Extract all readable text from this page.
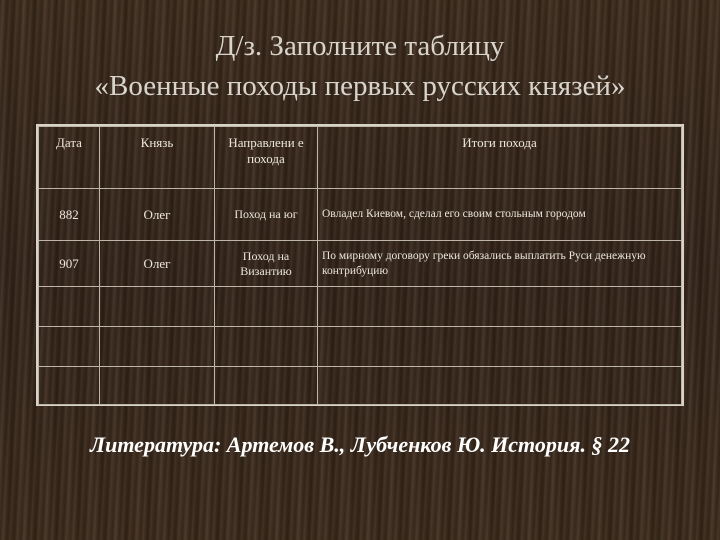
Д/з. Заполните таблицу
«Военные походы первых русских князей»
Дата	Князь	Направлени е похода	Итоги похода
882	Олег	Поход на юг	Овладел Киевом, сделал его своим стольным городом
907	Олег	Поход на Византию	По мирному договору греки обязались выплатить Руси денежную контрибуцию

Литература: Артемов В., Лубченков Ю. История. § 22
